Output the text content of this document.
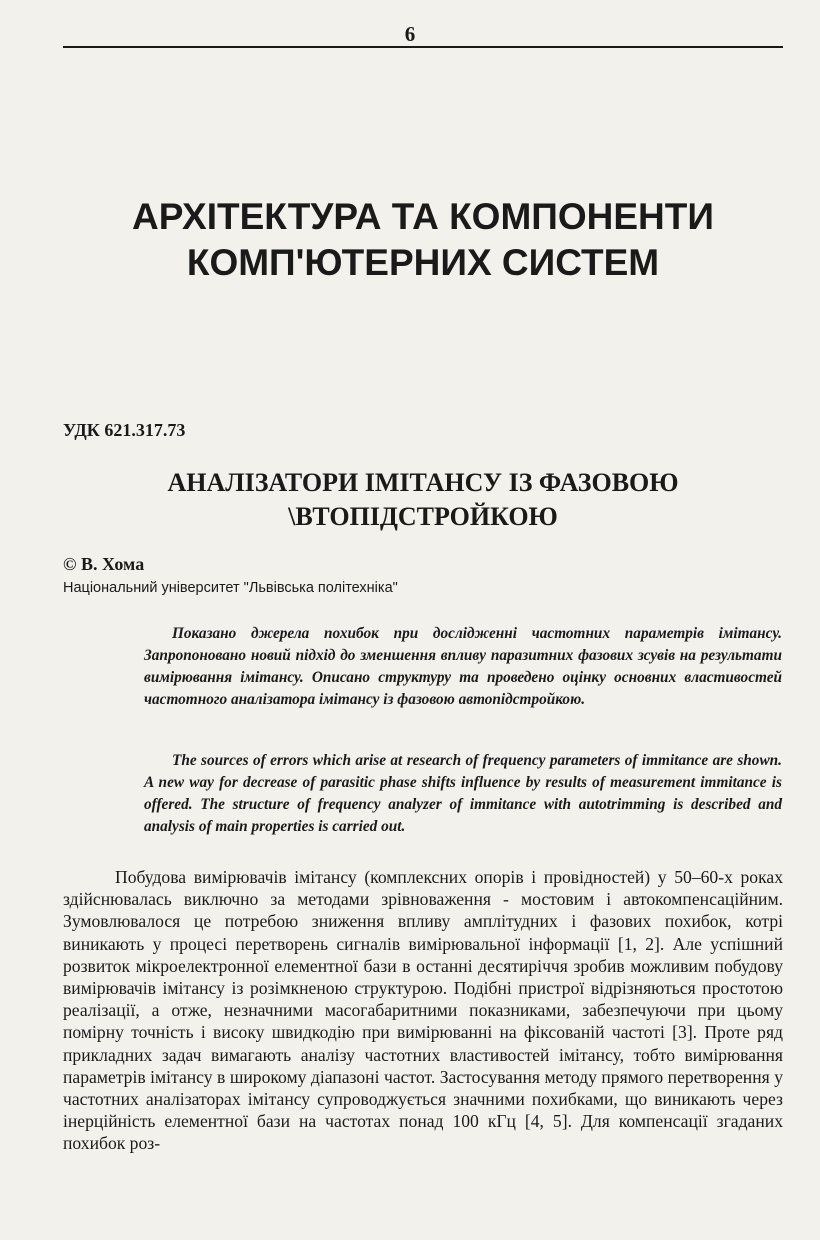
6
АРХІТЕКТУРА ТА КОМПОНЕНТИ
КОМП'ЮТЕРНИХ СИСТЕМ
УДК 621.317.73
АНАЛІЗАТОРИ ІМІТАНСУ ІЗ ФАЗОВОЮ
\ВТОПІДСТРОЙКОЮ
© В. Хома
Національний університет "Львівська політехніка"

Показано джерела похибок при дослідженні частотних параметрів імітансу. Запропоновано новий підхід до зменшення впливу паразитних фазових зсувів на результати вимірювання імітансу. Описано структуру та проведено оцінку основних властивостей частотного аналізатора імітансу із фазовою автопідстройкою.

The sources of errors which arise at research of frequency parameters of immitance are shown. A new way for decrease of parasitic phase shifts influence by results of measurement immitance is offered. The structure of frequency analyzer of immitance with autotrimming is described and analysis of main properties is carried out.

Побудова вимірювачів імітансу (комплексних опорів і провідностей) у 50–60-х роках здійснювалась виключно за методами зрівноваження - мостовим і автокомпенсаційним. Зумовлювалося це потребою зниження впливу амплітудних і фазових похибок, котрі виникають у процесі перетворень сигналів вимірювальної інформації [1, 2]. Але успішний розвиток мікроелектронної елементної бази в останні десятиріччя зробив можливим побудову вимірювачів імітансу із розімкненою структурою. Подібні пристрої відрізняються простотою реалізації, а отже, незначними масогабаритними показниками, забезпечуючи при цьому помірну точність і високу швидкодію при вимірюванні на фіксованій частоті [3]. Проте ряд прикладних задач вимагають аналізу частотних властивостей імітансу, тобто вимірювання параметрів імітансу в широкому діапазоні частот. Застосування методу прямого перетворення у частотних аналізаторах імітансу супроводжується значними похибками, що виникають через інерційність елементної бази на частотах понад 100 кГц [4, 5]. Для компенсації згаданих похибок роз-
